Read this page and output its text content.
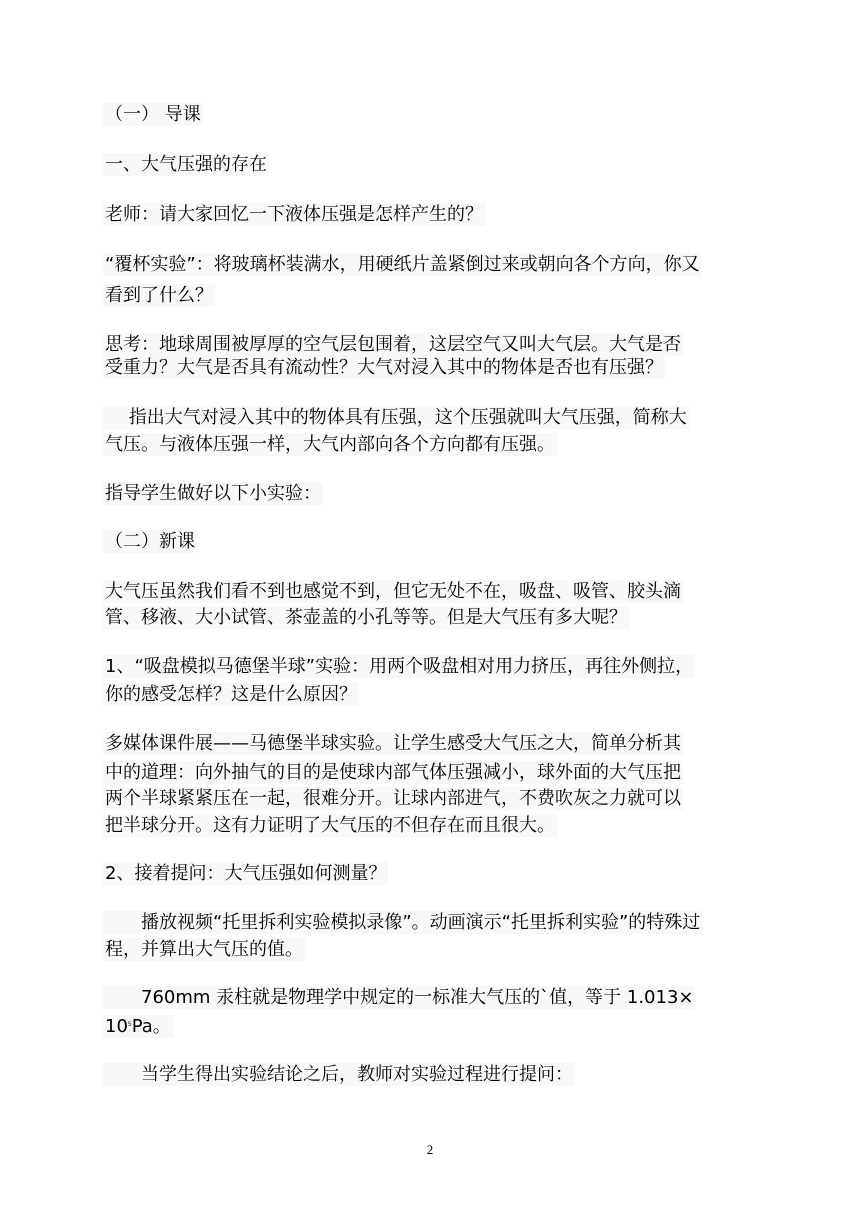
（一） 导课
一、大气压强的存在
老师：请大家回忆一下液体压强是怎样产生的？
“覆杯实验”：将玻璃杯装满水，用硬纸片盖紧倒过来或朝向各个方向，你又
看到了什么？
思考：地球周围被厚厚的空气层包围着，这层空气又叫大气层。大气是否
受重力？大气是否具有流动性？大气对浸入其中的物体是否也有压强？
　 指出大气对浸入其中的物体具有压强，这个压强就叫大气压强，简称大
气压。与液体压强一样，大气内部向各个方向都有压强。
指导学生做好以下小实验：
（二）新课
大气压虽然我们看不到也感觉不到，但它无处不在，吸盘、吸管、胶头滴
管、移液、大小试管、茶壶盖的小孔等等。但是大气压有多大呢？
1、“吸盘模拟马德堡半球”实验：用两个吸盘相对用力挤压，再往外侧拉，
你的感受怎样？这是什么原因？
多媒体课件展——马德堡半球实验。让学生感受大气压之大，简单分析其
中的道理：向外抽气的目的是使球内部气体压强减小，球外面的大气压把
两个半球紧紧压在一起，很难分开。让球内部进气，不费吹灰之力就可以
把半球分开。这有力证明了大气压的不但存在而且很大。
2、接着提问：大气压强如何测量？
　　播放视频“托里拆利实验模拟录像”。动画演示“托里拆利实验”的特殊过
程，并算出大气压的值。
　　760mm 汞柱就是物理学中规定的一标准大气压的`值，等于 1.013×
$10^5Pa$。
　　当学生得出实验结论之后，教师对实验过程进行提问：
2
